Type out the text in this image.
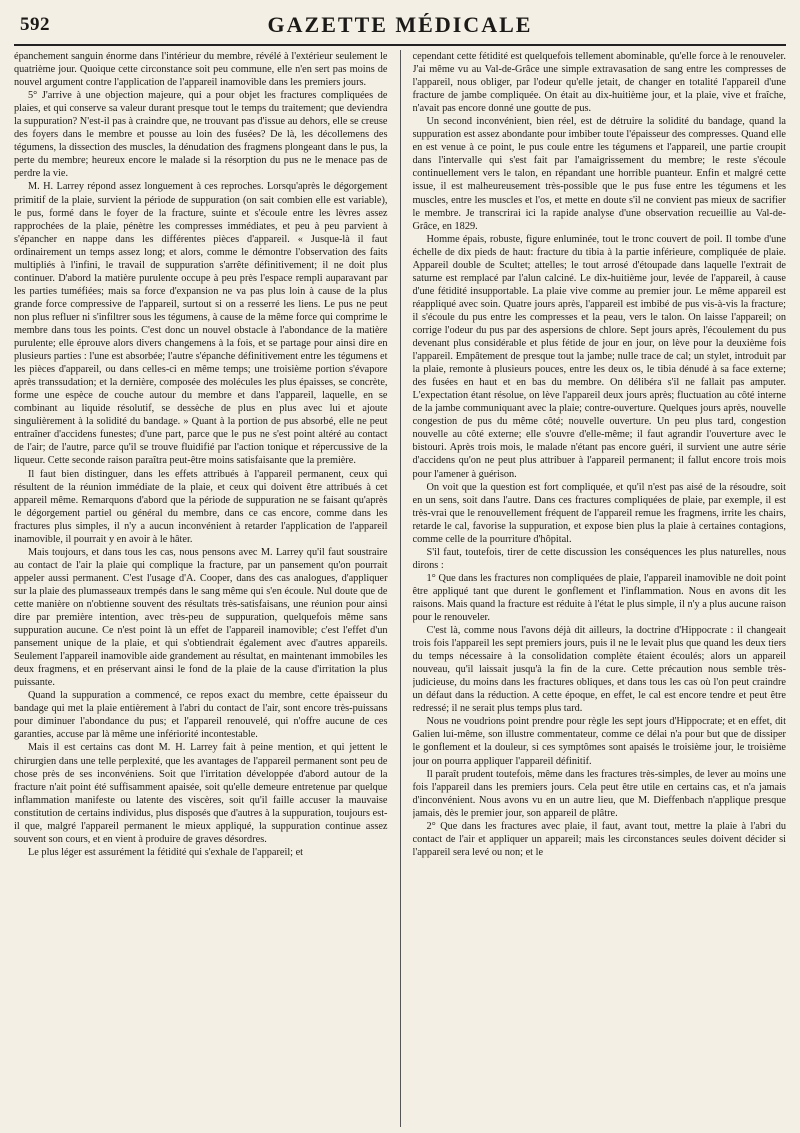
592	GAZETTE MÉDICALE

épanchement sanguin énorme dans l'intérieur du membre, révélé à l'extérieur seulement le quatrième jour. Quoique cette circonstance soit peu commune, elle n'en sert pas moins de nouvel argument contre l'application de l'appareil inamovible dans les premiers jours.

5° J'arrive à une objection majeure, qui a pour objet les fractures compliquées de plaies, et qui conserve sa valeur durant presque tout le temps du traitement; que deviendra la suppuration? N'est-il pas à craindre que, ne trouvant pas d'issue au dehors, elle se creuse des foyers dans le membre et pousse au loin des fusées? De là, les décollemens des tégumens, la dissection des muscles, la dénudation des fragmens plongeant dans le pus, la perte du membre; heureux encore le malade si la résorption du pus ne le menace pas de perdre la vie.

M. H. Larrey répond assez longuement à ces reproches. Lorsqu'après le dégorgement primitif de la plaie, survient la période de suppuration (on sait combien elle est variable), le pus, formé dans le foyer de la fracture, suinte et s'écoule entre les lèvres assez rapprochées de la plaie, pénètre les compresses immédiates, et peu à peu parvient à s'épancher en nappe dans les différentes pièces d'appareil. « Jusque-là il faut ordinairement un temps assez long; et alors, comme le démontre l'observation des faits multipliés à l'infini, le travail de suppuration s'arrête définitivement; il ne doit plus continuer. D'abord la matière purulente occupe à peu près l'espace rempli auparavant par les parties tuméfiées; mais sa force d'expansion ne va pas plus loin à cause de la plus grande force compressive de l'appareil, surtout si on a resserré les liens. Le pus ne peut non plus refluer ni s'infiltrer sous les tégumens, à cause de la même force qui comprime le membre dans tous les points. C'est donc un nouvel obstacle à l'abondance de la matière purulente; elle éprouve alors divers changemens à la fois, et se partage pour ainsi dire en plusieurs parties : l'une est absorbée; l'autre s'épanche définitivement entre les tégumens et les pièces d'appareil, ou dans celles-ci en même temps; une troisième portion s'évapore après transsudation; et la dernière, composée des molécules les plus épaisses, se concrète, forme une espèce de couche autour du membre et dans l'appareil, laquelle, en se combinant au liquide résolutif, se dessèche de plus en plus avec lui et ajoute singulièrement à la solidité du bandage. » Quant à la portion de pus absorbé, elle ne peut entraîner d'accidens funestes; d'une part, parce que le pus ne s'est point altéré au contact de l'air; de l'autre, parce qu'il se trouve fluidifié par l'action tonique et répercussive de la liqueur. Cette seconde raison paraîtra peut-être moins satisfaisante que la première.

Il faut bien distinguer, dans les effets attribués à l'appareil permanent, ceux qui résultent de la réunion immédiate de la plaie, et ceux qui doivent être attribués à cet appareil même. Remarquons d'abord que la période de suppuration ne se faisant qu'après le dégorgement partiel ou général du membre, dans ce cas encore, comme dans les fractures plus simples, il n'y a aucun inconvénient à retarder l'application de l'appareil inamovible, il pourrait y en avoir à le hâter.

Mais toujours, et dans tous les cas, nous pensons avec M. Larrey qu'il faut soustraire au contact de l'air la plaie qui complique la fracture, par un pansement qu'on pourrait appeler aussi permanent. C'est l'usage d'A. Cooper, dans des cas analogues, d'appliquer sur la plaie des plumasseaux trempés dans le sang même qui s'en écoule. Nul doute que de cette manière on n'obtienne souvent des résultats très-satisfaisans, une réunion pour ainsi dire par première intention, avec très-peu de suppuration, quelquefois même sans suppuration aucune. Ce n'est point là un effet de l'appareil inamovible; c'est l'effet d'un pansement unique de la plaie, et qui s'obtiendrait également avec d'autres appareils. Seulement l'appareil inamovible aide grandement au résultat, en maintenant immobiles les deux fragmens, et en préservant ainsi le fond de la plaie de la cause d'irritation la plus puissante.

Quand la suppuration a commencé, ce repos exact du membre, cette épaisseur du bandage qui met la plaie entièrement à l'abri du contact de l'air, sont encore très-puissans pour diminuer l'abondance du pus; et l'appareil renouvelé, qui n'offre aucune de ces garanties, accuse par là même une infériorité incontestable.

Mais il est certains cas dont M. H. Larrey fait à peine mention, et qui jettent le chirurgien dans une telle perplexité, que les avantages de l'appareil permanent sont peu de chose près de ses inconvéniens. Soit que l'irritation développée d'abord autour de la fracture n'ait point été suffisamment apaisée, soit qu'elle demeure entretenue par quelque inflammation manifeste ou latente des viscères, soit qu'il faille accuser la mauvaise constitution de certains individus, plus disposés que d'autres à la suppuration, toujours est-il que, malgré l'appareil permanent le mieux appliqué, la suppuration continue assez souvent son cours, et en vient à produire de graves désordres.

Le plus léger est assurément la fétidité qui s'exhale de l'appareil; et

cependant cette fétidité est quelquefois tellement abominable, qu'elle force à le renouveler. J'ai même vu au Val-de-Grâce une simple extravasation de sang entre les compresses de l'appareil, nous obliger, par l'odeur qu'elle jetait, de changer en totalité l'appareil d'une fracture de jambe compliquée. On était au dix-huitième jour, et la plaie, vive et fraîche, n'avait pas encore donné une goutte de pus.

Un second inconvénient, bien réel, est de détruire la solidité du bandage, quand la suppuration est assez abondante pour imbiber toute l'épaisseur des compresses. Quand elle en est venue à ce point, le pus coule entre les tégumens et l'appareil, une partie croupit dans l'intervalle qui s'est fait par l'amaigrissement du membre; le reste s'écoule continuellement vers le talon, en répandant une horrible puanteur. Enfin et malgré cette issue, il est malheureusement très-possible que le pus fuse entre les tégumens et les muscles, entre les muscles et l'os, et mette en doute s'il ne convient pas mieux de sacrifier le membre. Je transcrirai ici la rapide analyse d'une observation recueillie au Val-de-Grâce, en 1829.

Homme épais, robuste, figure enluminée, tout le tronc couvert de poil. Il tombe d'une échelle de dix pieds de haut: fracture du tibia à la partie inférieure, compliquée de plaie. Appareil double de Scultet; attelles; le tout arrosé d'étoupade dans laquelle l'extrait de saturne est remplacé par l'alun calciné. Le dix-huitième jour, levée de l'appareil, à cause d'une fétidité insupportable. La plaie vive comme au premier jour. Le même appareil est réappliqué avec soin. Quatre jours après, l'appareil est imbibé de pus vis-à-vis la fracture; il s'écoule du pus entre les compresses et la peau, vers le talon. On laisse l'appareil; on corrige l'odeur du pus par des aspersions de chlore. Sept jours après, l'écoulement du pus devenant plus considérable et plus fétide de jour en jour, on lève pour la deuxième fois l'appareil. Empâtement de presque tout la jambe; nulle trace de cal; un stylet, introduit par la plaie, remonte à plusieurs pouces, entre les deux os, le tibia dénudé à sa face externe; des fusées en haut et en bas du membre. On délibéra s'il ne fallait pas amputer. L'expectation étant résolue, on lève l'appareil deux jours après; fluctuation au côté interne de la jambe communiquant avec la plaie; contre-ouverture. Quelques jours après, nouvelle congestion de pus du même côté; nouvelle ouverture. Un peu plus tard, congestion nouvelle au côté externe; elle s'ouvre d'elle-même; il faut agrandir l'ouverture avec le bistouri. Après trois mois, le malade n'étant pas encore guéri, il survient une autre série d'accidens qu'on ne peut plus attribuer à l'appareil permanent; il fallut encore trois mois pour l'amener à guérison.

On voit que la question est fort compliquée, et qu'il n'est pas aisé de la résoudre, soit en un sens, soit dans l'autre. Dans ces fractures compliquées de plaie, par exemple, il est très-vrai que le renouvellement fréquent de l'appareil remue les fragmens, irrite les chairs, retarde le cal, favorise la suppuration, et expose bien plus la plaie à certaines contagions, comme celle de la pourriture d'hôpital.

S'il faut, toutefois, tirer de cette discussion les conséquences les plus naturelles, nous dirons :

1° Que dans les fractures non compliquées de plaie, l'appareil inamovible ne doit point être appliqué tant que durent le gonflement et l'inflammation. Nous en avons dit les raisons. Mais quand la fracture est réduite à l'état le plus simple, il n'y a plus aucune raison pour le renouveler.

C'est là, comme nous l'avons déjà dit ailleurs, la doctrine d'Hippocrate : il changeait trois fois l'appareil les sept premiers jours, puis il ne le levait plus que quand les deux tiers du temps nécessaire à la consolidation complète étaient écoulés; alors un appareil nouveau, qu'il laissait jusqu'à la fin de la cure. Cette précaution nous semble très-judicieuse, du moins dans les fractures obliques, et dans tous les cas où l'on peut craindre un défaut dans la réduction. A cette époque, en effet, le cal est encore tendre et peut être redressé; il ne serait plus temps plus tard.

Nous ne voudrions point prendre pour règle les sept jours d'Hippocrate; et en effet, dit Galien lui-même, son illustre commentateur, comme ce délai n'a pour but que de dissiper le gonflement et la douleur, si ces symptômes sont apaisés le troisième jour, le troisième jour on pourra appliquer l'appareil définitif.

Il paraît prudent toutefois, même dans les fractures très-simples, de lever au moins une fois l'appareil dans les premiers jours. Cela peut être utile en certains cas, et n'a jamais d'inconvénient. Nous avons vu en un autre lieu, que M. Dieffenbach n'applique presque jamais, dès le premier jour, son appareil de plâtre.

2° Que dans les fractures avec plaie, il faut, avant tout, mettre la plaie à l'abri du contact de l'air et appliquer un appareil; mais les circonstances seules doivent décider si l'appareil sera levé ou non; et le
